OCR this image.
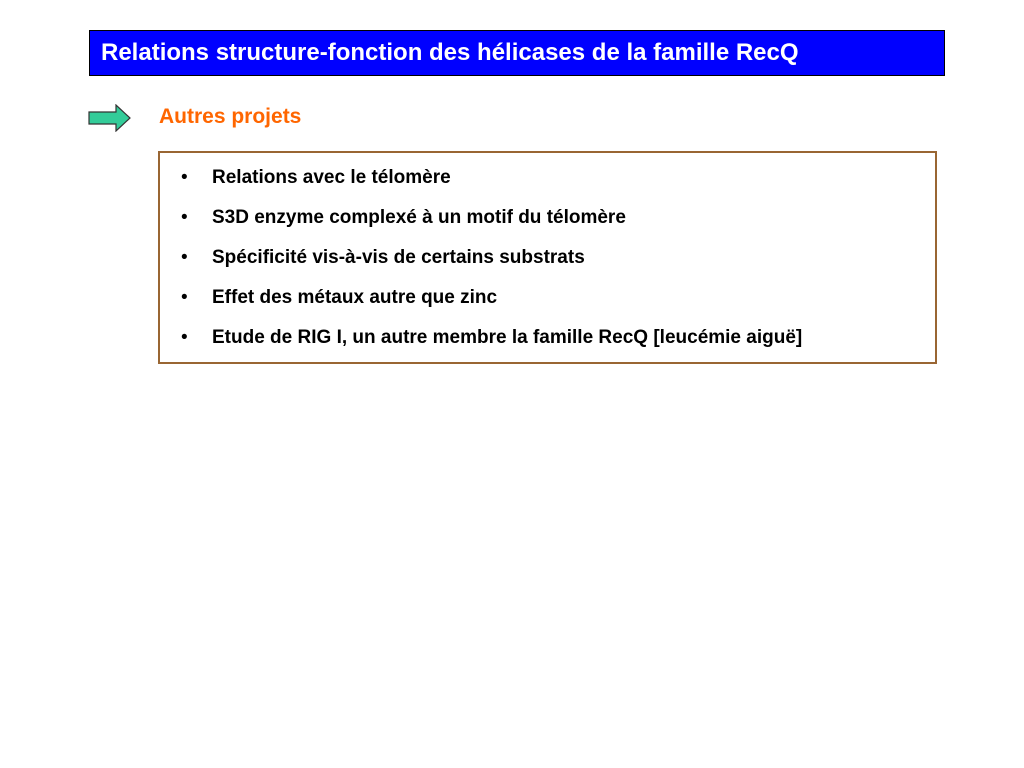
Relations structure-fonction des hélicases de la famille RecQ
Autres projets
•	Relations avec le télomère
•	S3D enzyme complexé à un motif du télomère
•	Spécificité vis-à-vis de certains substrats
•	Effet des métaux autre que zinc
•	Etude de RIG I, un autre membre la famille RecQ [leucémie aiguë]
